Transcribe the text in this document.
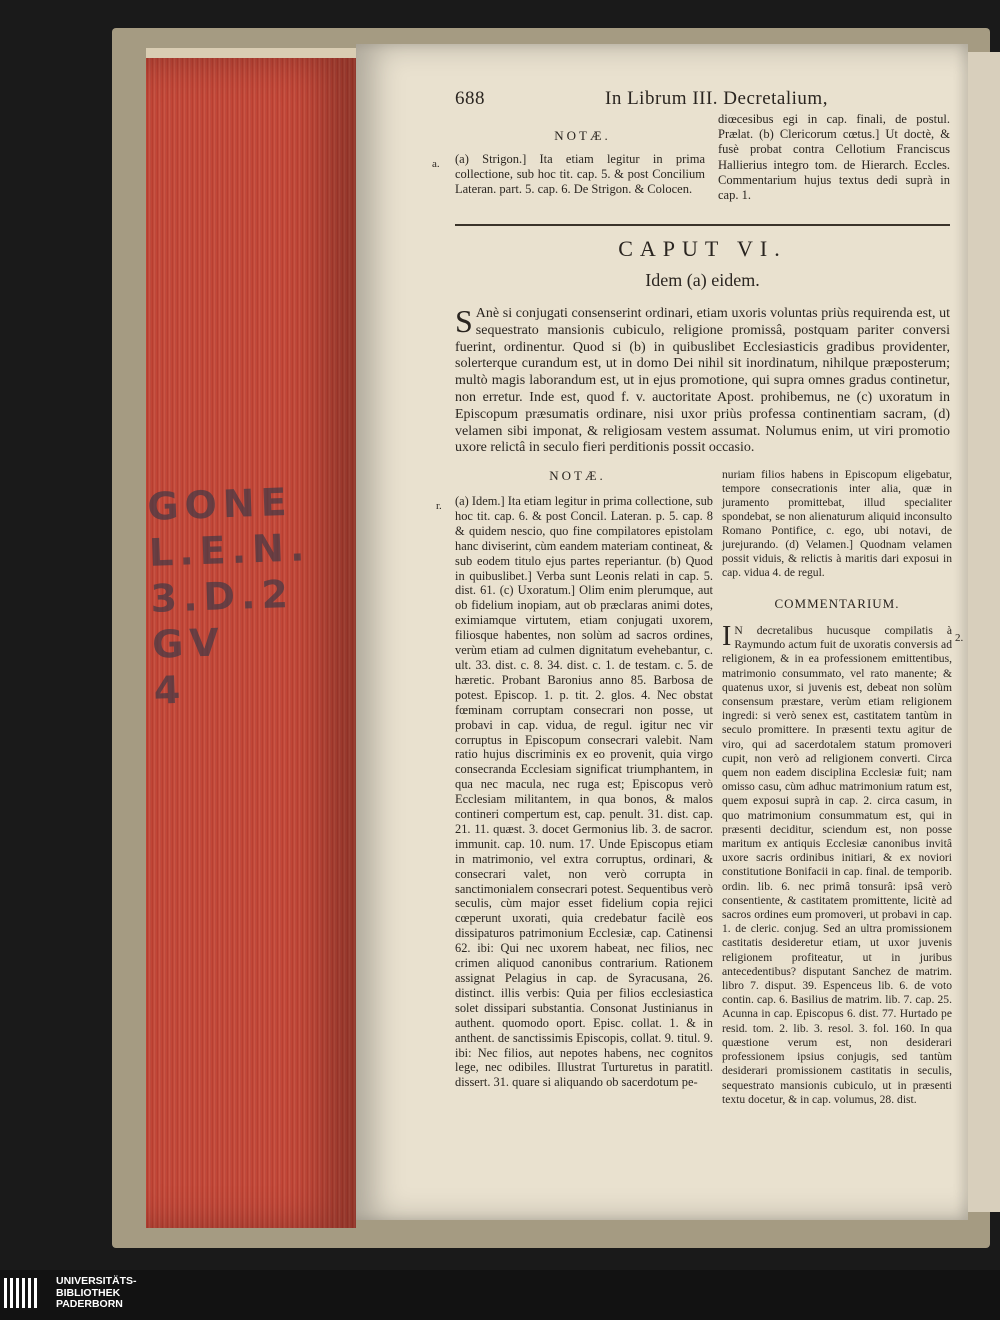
GONE
L.E.N.
3.D.2
GV
4
688	In Librum III. Decretalium,
NOTÆ.
a. (a) Strigon.] Ita etiam legitur in prima collectione, sub hoc tit. cap. 5. & post Concilium Lateran. part. 5. cap. 6. De Strigon. & Colocen.
diœcesibus egi in cap. finali, de postul. Prælat. (b) Clericorum cœtus.] Ut doctè, & fusè probat contra Cellotium Franciscus Hallierius integro tom. de Hierarch. Eccles. Commentarium hujus textus dedi suprà in cap. 1.
CAPUT VI.
Idem (a) eidem.
S Anè si conjugati consenserint ordinari, etiam uxoris voluntas priùs requirenda est, ut sequestrato mansionis cubiculo, religione promissâ, postquam pariter conversi fuerint, ordinentur. Quod si (b) in quibuslibet Ecclesiasticis gradibus providenter, solerterque curandum est, ut in domo Dei nihil sit inordinatum, nihilque præposterum; multò magis laborandum est, ut in ejus promotione, qui supra omnes gradus continetur, non erretur. Inde est, quod f. v. auctoritate Apost. prohibemus, ne (c) uxoratum in Episcopum præsumatis ordinare, nisi uxor priùs professa continentiam sacram, (d) velamen sibi imponat, & religiosam vestem assumat. Nolumus enim, ut viri promotio uxore relictâ in seculo fieri perditionis possit occasio.
NOTÆ.
r. (a) Idem.] Ita etiam legitur in prima collectione, sub hoc tit. cap. 6. & post Concil. Lateran. p. 5. cap. 8 & quidem nescio, quo fine compilatores epistolam hanc diviserint, cùm eandem materiam contineat, & sub eodem titulo ejus partes reperiantur. (b) Quod in quibuslibet.] Verba sunt Leonis relati in cap. 5. dist. 61. (c) Uxoratum.] Olim enim plerumque, aut ob fidelium inopiam, aut ob præclaras animi dotes, eximiamque virtutem, etiam conjugati uxorem, filiosque habentes, non solùm ad sacros ordines, verùm etiam ad culmen dignitatum evehebantur, c. ult. 33. dist. c. 8. 34. dist. c. 1. de testam. c. 5. de hæretic. Probant Baronius anno 85. Barbosa de potest. Episcop. 1. p. tit. 2. glos. 4. Nec obstat fœminam corruptam consecrari non posse, ut probavi in cap. vidua, de regul. igitur nec vir corruptus in Episcopum consecrari valebit. Nam ratio hujus discriminis ex eo provenit, quia virgo consecranda Ecclesiam significat triumphantem, in qua nec macula, nec ruga est; Episcopus verò Ecclesiam militantem, in qua bonos, & malos contineri compertum est, cap. penult. 31. dist. cap. 21. 11. quæst. 3. docet Germonius lib. 3. de sacror. immunit. cap. 10. num. 17. Unde Episcopus etiam in matrimonio, vel extra corruptus, ordinari, & consecrari valet, non verò corrupta in sanctimonialem consecrari potest. Sequentibus verò seculis, cùm major esset fidelium copia rejici cœperunt uxorati, quia credebatur facilè eos dissipaturos patrimonium Ecclesiæ, cap. Catinensi 62. ibi: Qui nec uxorem habeat, nec filios, nec crimen aliquod canonibus contrarium. Rationem assignat Pelagius in cap. de Syracusana, 26. distinct. illis verbis: Quia per filios ecclesiastica solet dissipari substantia. Consonat Justinianus in authent. quomodo oport. Episc. collat. 1. & in anthent. de sanctissimis Episcopis, collat. 9. titul. 9. ibi: Nec filios, aut nepotes habens, nec cognitos lege, nec odibiles. Illustrat Turturetus in paratitl. dissert. 31. quare si aliquando ob sacerdotum pe-
nuriam filios habens in Episcopum eligebatur, tempore consecrationis inter alia, quæ in juramento promittebat, illud specialiter spondebat, se non alienaturum aliquid inconsulto Romano Pontifice, c. ego, ubi notavi, de jurejurando. (d) Velamen.] Quodnam velamen possit viduis, & relictis à maritis dari exposui in cap. vidua 4. de regul.
COMMENTARIUM.
2.
I N decretalibus hucusque compilatis à Raymundo actum fuit de uxoratis conversis ad religionem, & in ea professionem emittentibus, matrimonio consummato, vel rato manente; & quatenus uxor, si juvenis est, debeat non solùm consensum præstare, verùm etiam religionem ingredi: si verò senex est, castitatem tantùm in seculo promittere. In præsenti textu agitur de viro, qui ad sacerdotalem statum promoveri cupit, non verò ad religionem converti. Circa quem non eadem disciplina Ecclesiæ fuit; nam omisso casu, cùm adhuc matrimonium ratum est, quem exposui suprà in cap. 2. circa casum, in quo matrimonium consummatum est, qui in præsenti deciditur, sciendum est, non posse maritum ex antiquis Ecclesiæ canonibus invitâ uxore sacris ordinibus initiari, & ex noviori constitutione Bonifacii in cap. final. de temporib. ordin. lib. 6. nec primâ tonsurâ: ipsâ verò consentiente, & castitatem promittente, licitè ad sacros ordines eum promoveri, ut probavi in cap. 1. de cleric. conjug. Sed an ultra promissionem castitatis desideretur etiam, ut uxor juvenis religionem profiteatur, ut in juribus antecedentibus? disputant Sanchez de matrim. libro 7. disput. 39. Espenceus lib. 6. de voto contin. cap. 6. Basilius de matrim. lib. 7. cap. 25. Acunna in cap. Episcopus 6. dist. 77. Hurtado pe resid. tom. 2. lib. 3. resol. 3. fol. 160. In qua quæstione verum est, non desiderari professionem ipsius conjugis, sed tantùm desiderari promissionem castitatis in seculis, sequestrato mansionis cubiculo, ut in præsenti textu docetur, & in cap. volumus, 28. dist.
UNIVERSITÄTS-
BIBLIOTHEK
PADERBORN
